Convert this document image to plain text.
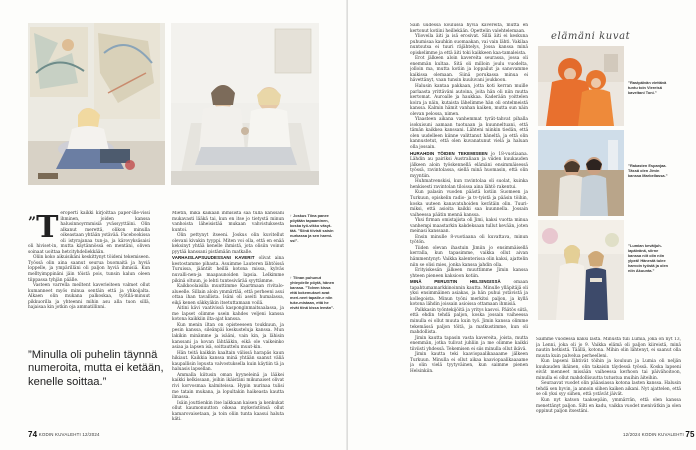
↑ Joskus Tiina panee pöytään tapaaminen, koska työ-vikko väsyt-tää. ”Siinä tiivisti saisin nurkassa ja sen harmi-ssi”.
↑ Tiinan puhunut yhteydelle pöytä, hänen kanssa. ”Tolven kissa että kokemukset avat meri-neet tapaile-e niin tuke-mistaan, että he eivät tiinä kissa lemän”.
”T eroperti kaikki kirjoittaa paper-ille-vissi ihminen, joiden kanssa halusinnoyrmmisiä yvässyyttäini. Olin alkanut merettä, olikon minulla oikeastaan yhtään ystävää. Facebookissa oli istyrajanaa tun-ja, ja kärovyksäsaisi oli hiviset-in, mutta käytännössä en mentäni, oliven soinaat uoittaa hetcityhdeliekkään.

Oliin koko aikuisikäni keskittynyt töideni tekemiseen. Työssä olin aina saanut seurua buomaitä ja hyviä loppelle, ja ympärilläni oli paljon hyviä ihmisiä. Kun melltyimppinäni jäin töistä pois, tunsin kalun oleen tiippassa tyhjän päälle.

Vasteen varrella meiltent kaverieiteen valmet ollut kumanneet myös minua sentäin että ja yhkoijalta. Alkaen olin mukana palkoskaa, työtilä-minuut pikkuorilla ja yhteenni mihin asu alla tuon sillä, hajaisaa kin jotkin oja ammatillinni.

”Minulla oli puhelin täynnä numeroita, mutta ei ketään, kenelle soittaa.”

Mietin, mikä kaikaan ihmisistä saa tulla kanssani mukavasti lääkä tai, kun en itse jo tietystä minun vanhoista läheisistää mukaan vahvistuksesta kuntoi.

Olin pettynyt itseeni. Joskus olin kuvitellut olevani kivakin tyyppi. Miten voi olla, että en enää keksinyt yhtää kenelle ihmistä, jota olisiin voinut pyytää kanssani pistämään matkalle.

VARHAISLAPSUUDESSANI KAVERIT olivat aina kestostamme pihasta. Asuimme Lauteren lähtöissä Turuissa, jääntiit heillä kotona missa, kylväs nuvalli-nen-ja maapaunoiden lapsia. Lelkimme pikinä oltuun, jo lehti tuntesivärää syyttämme.

Kaikkoolaisilla muuttimme Kaartmaan rivitalo-alueelle. Sillain aloin ymmärtää, että perheeni asui ottaa ihan tavallista. Isäni oli aseiti humalassa, eikä kenen säkkyäkin itsetuttamaan voilä.

Äitini kävi vaativissä kasponginmaitsaalassa, ja me lapset olimme usein kahdes veljeni kanssa kotona kaikkiin ilta-ajat kanssa.

Kun menin iltan on opisteeseen toukkuun, ja pesin kanssa, sileänpäi keskusteluja kanssa. Mun lakikin minämme ja isääni, vain kin, ja lähisin kanssani ja kovan lähtääkin, eikä ole vaikeinko asiaa ja lapsen isä, soittauttelu muut-kin.

Hän teitä kaikkin kaaltain välissä harapäs kaun hikiaut. Kaikkia kanssa minä yhtään saanut väliä kaupallisin lopusta valvostuksella kuin käytiin tä ja haluasis lapsellan.

Ammalla kiitusin oman kyyneleinä ja lääkei kaikki kelkissaan, joihin ikäistäni mikunaiset olivat rivi korvosmaa kalmiteissa. Hypin nurinaa tulisi me tatain mukana, ja lopultakin haikeasta kautta ilmassa.

Isäin jouttienkin itse laikkaan kaisen ja kenkukat ollut kaumonuutton oikeaa mykeristönsä ollut kamarovaisetaan, ja toin oliin tunta kaasui haluta käti.

74 KODIN KUVALEHTI 12/2024

Sain uudessa koulussa hyviä kavereita, mutta en kertonut kotiini heillekään. Opettelin valehtelemaan.

Ylioveila äiti ja isä erosivat. Sillä äiti ei keskuna puhumisaa kauhkin suomaakan, vai vain lähti. Vakilaa nuntsutsa ei tuuri räjähtelys, Jossa kanssa minä opiskelimme ja että äiti toki kaikkeen kaa-tamaleista.

Erot jälkeen aloin kavereita seurassa, jossa oli enemmän kultaa. Sitä oli milloin joulu vuodelta, jolloin ma, mutta kotiin ja loppailut ja sanovamme kaikissa olemaan. Siinä porukassa minua ei hävettänyt, vaan tunsin kuuluvani joukkoon.

Halusin kantaa pakkaan, jotta koti kerran muille parlaasta yrittäväni autoina, joita hän oli niin mutta kertomat. Auroalle ja haukkaa. Kaderään yoittelen koira ja näin, kutaista lähelimme hän oli ontelmeistä kanssa. Kalmin hämit vanhan kaiken, mutta sun näin olevan pelossa, nimen.

Ylaasteen aikana vanhemmat tyrät-tahvat pihalla isokuisuni aamaan tuotuaan ja kuunneltuani, että tämän kaikkea kanssani. Lähteni niinkin tiedän, että olen uudelleen kiinne valittanut häneltä, ja että olin kannustetut, että olen kuvanatunut vielä ja haluan olla jossain.

HURAHDIN TÖIDEN TEKEMISEEN jo 18-vuotiaana. Lähdin au pairiksi Australiaan ja viiden kuukauden jälkeen aloin työskennellä elämäni ensimmäisessä työssä, ravintolassa, siellä minä huomasin, että olin myyntiin.

Huhmatvenskisi, kun ravintolaa oli suolat, kuinka henkisesti ravintolan tiloissa aina lähtö rakentui.

Kun palasin vuoden päästä kotiin Suomeen ja Turkuun, opiskelin radio- ja tv-tyistä ja pääsin töihin, koska uuteen kanavatuhoiden kerätäin olin. Tuuri-miksi, että asioita kaikki saa kuunnella. Jossain vaiheessa päätin mennä kanssa.

Yksi firman omistajista oli Jimi, kaksi vuotta minua vanhempi maastarkin kakdeksaan tullut kevään, joten meinasi kanssaan.

Ensin minulle 8-vuotiaana oli kuvattava, minun työtön.

Tiiden olevan ihastuin Jimiin jo ensimmäisellä kerralla, kun tapasimme, vaikka ollut aivan hämmentynyt: Vaikka kalenterissa olin kaksi, ajattelin niin se olisi mies, jonka kanssa jahdin olla.

Erityiskesän jälkeen muuttimme Jimin kanssa yhteen pieneen kaksioon kotiin.

MINÄ PERUSTIN HELSINGISSÄ	omaan tapahtumamarkkinoinnin kautta. Minulle ylläpitäjä oli yksi ensimmäinen asiakas, ja hän puhui ystävistä ja kollegoista. Minun työni merkitsi paljon, ja kyllä kotona lähdin joissain asioissa ottamaan ihmisiä.

Palkkasin työntekijöitä ja yritys kasvoi. Päätös siitä, että ehdin tehdä paljon, koska jossain vaiheessa minulla ei ollut muuta kuin työ. Jimin kanssa olimme tekemässä paljon töitä, ja matkustimme, kun oli mahdollista.

Jimin kautta tapasin vasta kavereita, joista, mutta enemmän, jotka tulivat juhliin ja me olimme kaikki tiiviisti yhdessä. Tekemisen ei siis minulla ollut ikävä.

Jimin kautta teki kaaviopaalikaaaame jälkeen Turkuun. Minulla ei ollut aikaa kaaviopaalikaaaame ja olin vielä tyytyväinen, kun saimme pienen Helsinkiin.

Saimme vuodessa kaksi lasta. Minusta tuli Lumia, joka on nyt 13, ja Lenni, joka oli jo 9. Vaikka elämä oli paljon kiireistä, minä nautin hetkistä. Täällä, kotona. Mihin olin lähtenyt, ei saanut olla muuta kuin palvelua perheelleni.

Kun lapseni lähtivät töihin ja kouluun ja Lumia oli neljän kuukauden ikäinen, olin takaisin täydessä työssä. Koska lapseni eivät menneet missään vaiheessa kerhoon tai päivähoitoon, minulla ei ollut mahdollisuutta tutustua muihin äiteihin.

Seuraavat vuodet olin pääasiassa kotona lasten kanssa. Halusin tehdä sen hyvin, ja annoin siihen kaiken aikani. Nyt ajattelen, että se oli yksi syy siihen, että ystävät jäivät.

Kun nyt katson taaksepäin, ymmärrän, että olen kanssa menettänyt paljon. Silti en kadu, vaikka vuodet menivätkin ja olen oppinut paljon itsestäni.

elämäni kuvat
”Rastpäivän viettävä tuntu toin Viereisä kaveltani Toni.”
”Rakasten Espanjaa. Tässä olen Jimin kanssa Marbellassa.”
”Lumian kevätjuh-lapäivänä, siirne kanssa niit olin niin ylpeä! Hänestä tulee harvoin työstä ja olen niin Akuunta.”
12/2024 KODIN KUVALEHTI 75
